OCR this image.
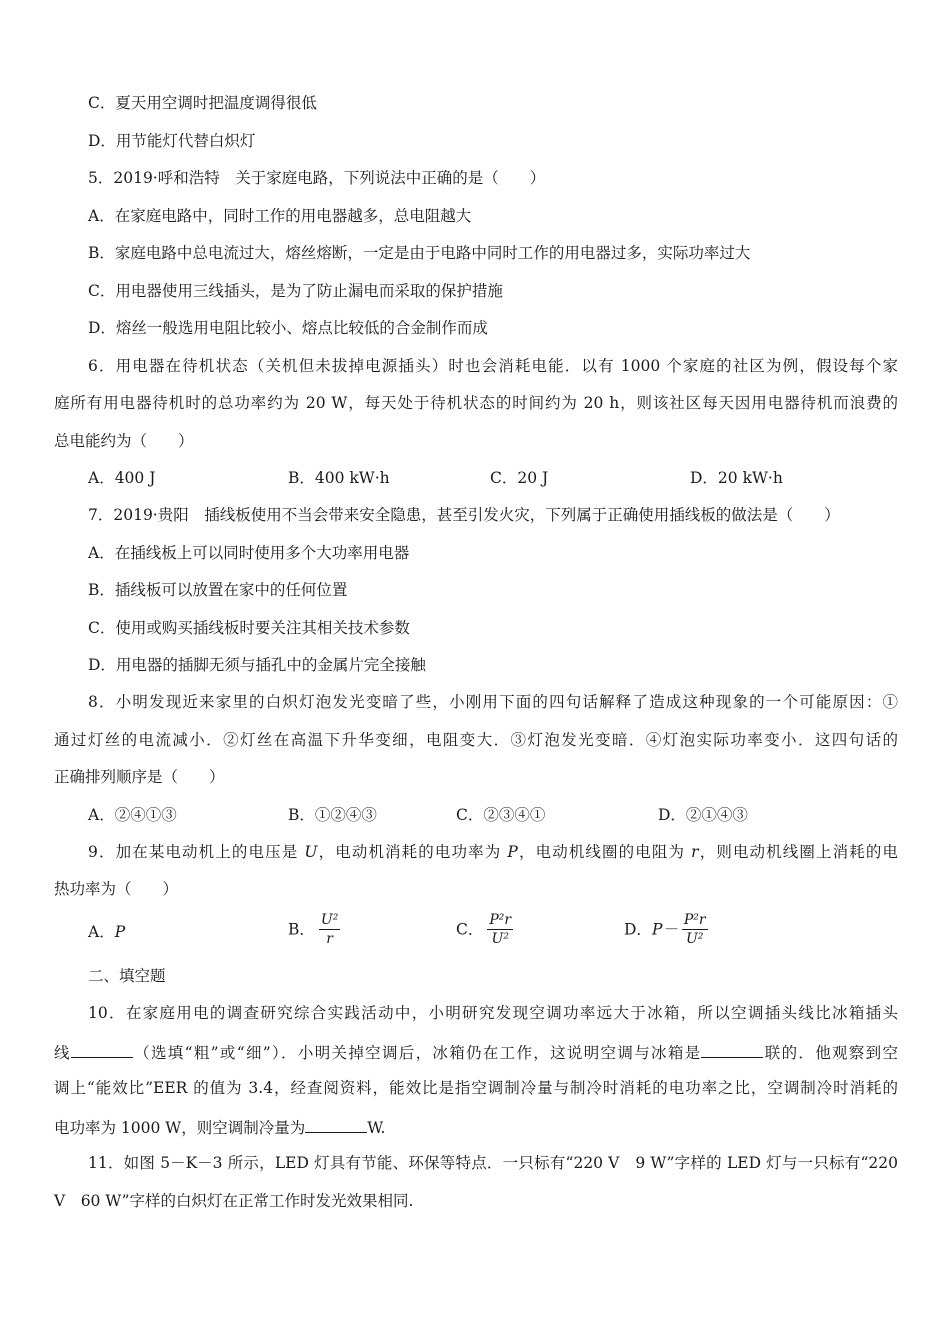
C．夏天用空调时把温度调得很低
D．用节能灯代替白炽灯
5．2019·呼和浩特　关于家庭电路，下列说法中正确的是（　　）
A．在家庭电路中，同时工作的用电器越多，总电阻越大
B．家庭电路中总电流过大，熔丝熔断，一定是由于电路中同时工作的用电器过多，实际功率过大
C．用电器使用三线插头，是为了防止漏电而采取的保护措施
D．熔丝一般选用电阻比较小、熔点比较低的合金制作而成
6．用电器在待机状态（关机但未拔掉电源插头）时也会消耗电能．以有 1000 个家庭的社区为例，假设每个家
庭所有用电器待机时的总功率约为 20 W，每天处于待机状态的时间约为 20 h，则该社区每天因用电器待机而浪费的
总电能约为（　　）
A．400 J	B．400 kW·h	C．20 J	D．20 kW·h
7．2019·贵阳　插线板使用不当会带来安全隐患，甚至引发火灾，下列属于正确使用插线板的做法是（　　）
A．在插线板上可以同时使用多个大功率用电器
B．插线板可以放置在家中的任何位置
C．使用或购买插线板时要关注其相关技术参数
D．用电器的插脚无须与插孔中的金属片完全接触
8．小明发现近来家里的白炽灯泡发光变暗了些，小刚用下面的四句话解释了造成这种现象的一个可能原因：①
通过灯丝的电流减小．②灯丝在高温下升华变细，电阻变大．③灯泡发光变暗．④灯泡实际功率变小．这四句话的
正确排列顺序是（　　）
A．②④①③	B．①②④③	C．②③④①	D．②①④③
9．加在某电动机上的电压是 U，电动机消耗的电功率为 P，电动机线圈的电阻为 r，则电动机线圈上消耗的电
热功率为（　　）
A．P	B． $\frac{\text{U²}}{r}$	C． $\frac{\text{P²r}}{\text{U²}}$	D．$P- \frac{\text{P²r}}{\text{U²}}$
二、填空题
10．在家庭用电的调查研究综合实践活动中，小明研究发现空调功率远大于冰箱，所以空调插头线比冰箱插头
线	（选填“粗”或“细”）．小明关掉空调后，冰箱仍在工作，这说明空调与冰箱是	联的．他观察到空
调上“能效比”EER 的值为 3.4，经查阅资料，能效比是指空调制冷量与制冷时消耗的电功率之比，空调制冷时消耗的
电功率为 1000 W，则空调制冷量为	W.
11．如图 5－K－3 所示，LED 灯具有节能、环保等特点．一只标有“220 V　9 W”字样的 LED 灯与一只标有“220
V　60 W”字样的白炽灯在正常工作时发光效果相同.
